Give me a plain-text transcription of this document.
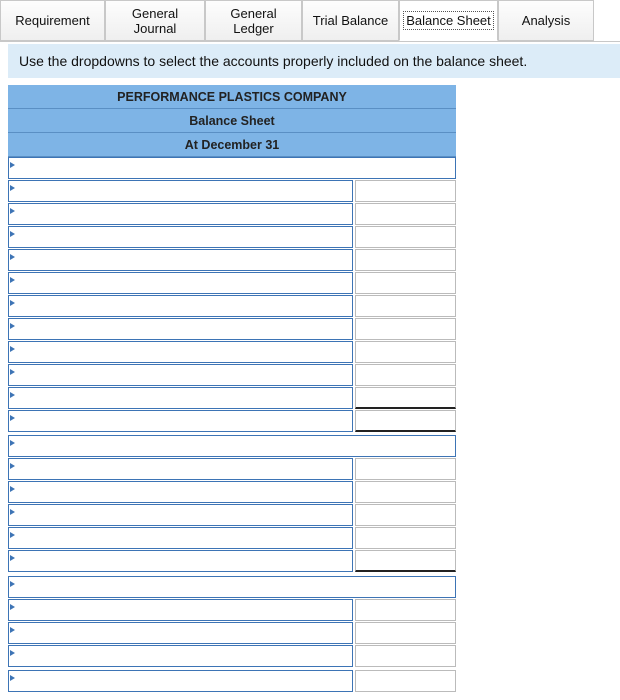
Requirement	General
Journal
General
Ledger	Trial Balance Balance Sheet Analysis
Use the dropdowns to select the accounts properly included on the balance sheet.
PERFORMANCE PLASTICS COMPANY
Balance Sheet
At December 31
